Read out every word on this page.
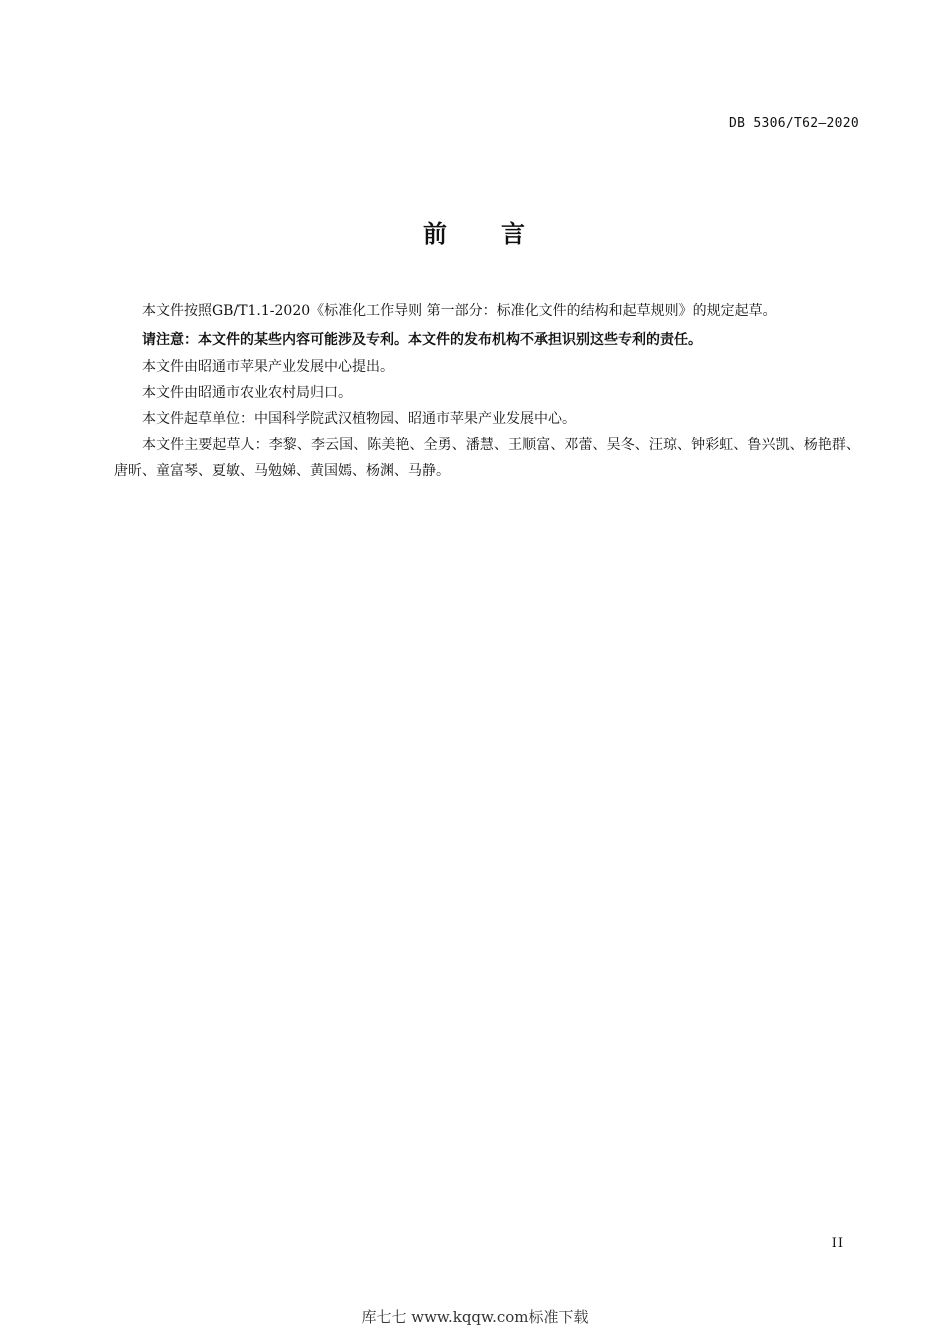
DB 5306/T62—2020
前 言

本文件按照GB/T1.1-2020《标准化工作导则 第一部分：标准化文件的结构和起草规则》的规定起草。

请注意：本文件的某些内容可能涉及专利。本文件的发布机构不承担识别这些专利的责任。

本文件由昭通市苹果产业发展中心提出。

本文件由昭通市农业农村局归口。

本文件起草单位：中国科学院武汉植物园、昭通市苹果产业发展中心。

本文件主要起草人：李黎、李云国、陈美艳、全勇、潘慧、王顺富、邓蕾、吴冬、汪琼、钟彩虹、鲁兴凯、杨艳群、唐昕、童富琴、夏敏、马勉娣、黄国嫣、杨渊、马静。

II
库七七 www.kqqw.com标准下载
